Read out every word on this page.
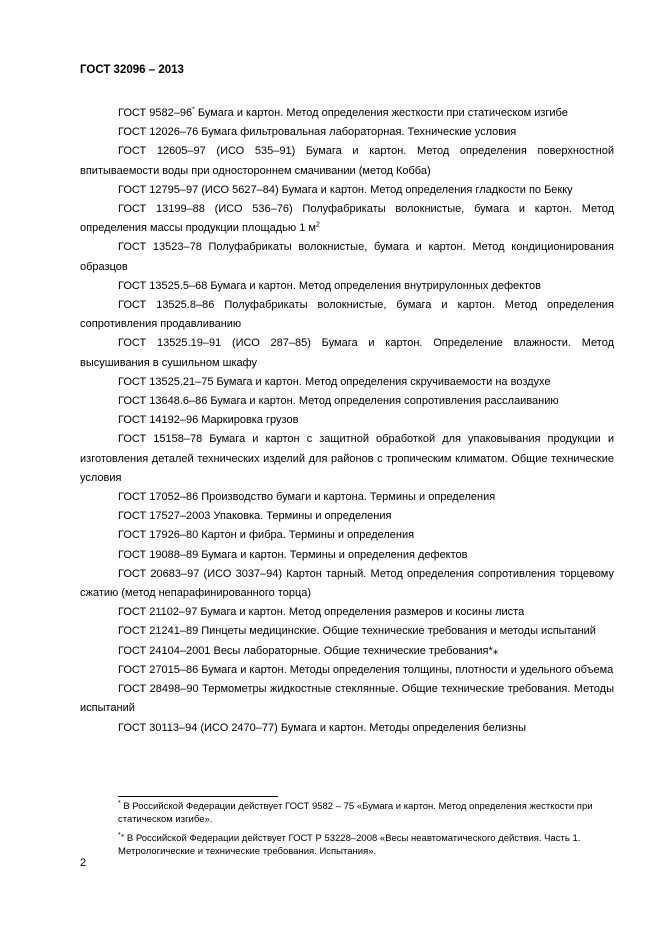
ГОСТ 32096 – 2013

ГОСТ 9582–96* Бумага и картон. Метод определения жесткости при статическом изгибе

ГОСТ 12026–76 Бумага фильтровальная лабораторная. Технические условия

ГОСТ 12605–97 (ИСО 535–91) Бумага и картон. Метод определения поверхностной впитываемости воды при одностороннем смачивании (метод Кобба)

ГОСТ 12795–97 (ИСО 5627–84) Бумага и картон. Метод определения гладкости по Бекку

ГОСТ 13199–88 (ИСО 536–76) Полуфабрикаты волокнистые, бумага и картон. Метод определения массы продукции площадью 1 $м^2$

ГОСТ 13523–78 Полуфабрикаты волокнистые, бумага и картон. Метод кондиционирования образцов

ГОСТ 13525.5–68 Бумага и картон. Метод определения внутрирулонных дефектов

ГОСТ 13525.8–86 Полуфабрикаты волокнистые, бумага и картон. Метод определения сопротивления продавливанию

ГОСТ 13525.19–91 (ИСО 287–85) Бумага и картон. Определение влажности. Метод высушивания в сушильном шкафу

ГОСТ 13525.21–75 Бумага и картон. Метод определения скручиваемости на воздухе

ГОСТ 13648.6–86 Бумага и картон. Метод определения сопротивления расслаиванию

ГОСТ 14192–96 Маркировка грузов

ГОСТ 15158–78 Бумага и картон с защитной обработкой для упаковывания продукции и изготовления деталей технических изделий для районов с тропическим климатом. Общие технические условия

ГОСТ 17052–86 Производство бумаги и картона. Термины и определения

ГОСТ 17527–2003 Упаковка. Термины и определения

ГОСТ 17926–80 Картон и фибра. Термины и определения

ГОСТ 19088–89 Бумага и картон. Термины и определения дефектов

ГОСТ 20683–97 (ИСО 3037–94) Картон тарный. Метод определения сопротивления торцевому сжатию (метод непарафинированного торца)

ГОСТ 21102–97 Бумага и картон. Метод определения размеров и косины листа

ГОСТ 21241–89 Пинцеты медицинские. Общие технические требования и методы испытаний

ГОСТ 24104–2001 Весы лабораторные. Общие технические требования*⁎

ГОСТ 27015–86 Бумага и картон. Методы определения толщины, плотности и удельного объема

ГОСТ 28498–90 Термометры жидкостные стеклянные. Общие технические требования. Методы испытаний

ГОСТ 30113–94 (ИСО 2470–77) Бумага и картон. Методы определения белизны

* В Российской Федерации действует ГОСТ 9582 – 75 «Бумага и картон. Метод определения жесткости при статическом изгибе».

*⁎ В Российской Федерации действует ГОСТ Р 53228–2008 «Весы неавтоматического действия. Часть 1. Метрологические и технические требования. Испытания».

2
